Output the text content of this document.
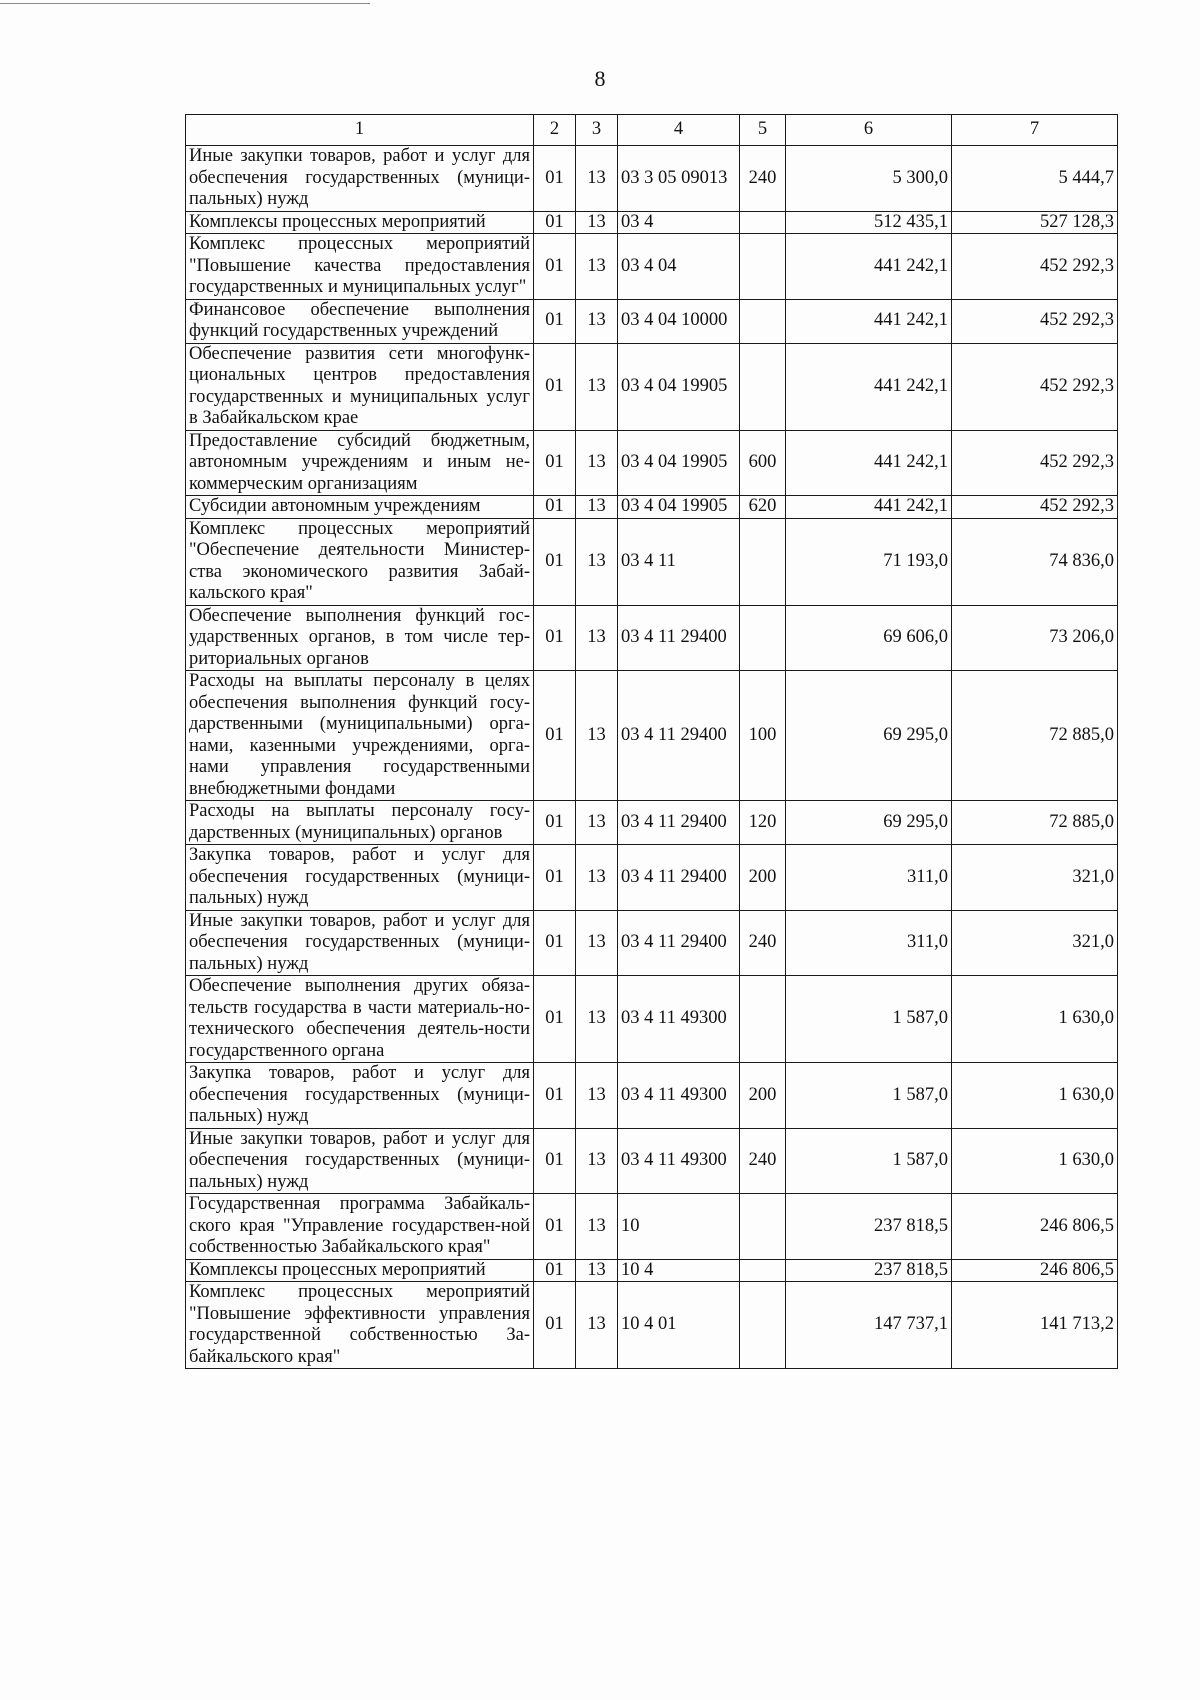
8
1	2	3	4	5	6	7
Иные закупки товаров, работ и услуг для обеспечения государственных (муници-пальных) нужд	01	13	03 3 05 09013	240	5 300,0	5 444,7
Комплексы процессных мероприятий	01	13	03 4		512 435,1	527 128,3
Комплекс процессных мероприятий "Повышение качества предоставления государственных и муниципальных услуг"	01	13	03 4 04		441 242,1	452 292,3
Финансовое обеспечение выполнения функций государственных учреждений	01	13	03 4 04 10000		441 242,1	452 292,3
Обеспечение развития сети многофунк-циональных центров предоставления государственных и муниципальных услуг в Забайкальском крае	01	13	03 4 04 19905		441 242,1	452 292,3
Предоставление субсидий бюджетным, автономным учреждениям и иным не-коммерческим организациям	01	13	03 4 04 19905	600	441 242,1	452 292,3
Субсидии автономным учреждениям	01	13	03 4 04 19905	620	441 242,1	452 292,3
Комплекс процессных мероприятий "Обеспечение деятельности Министер-ства экономического развития Забай-кальского края"	01	13	03 4 11		71 193,0	74 836,0
Обеспечение выполнения функций гос-ударственных органов, в том числе тер-риториальных органов	01	13	03 4 11 29400		69 606,0	73 206,0
Расходы на выплаты персоналу в целях обеспечения выполнения функций госу-дарственными (муниципальными) орга-нами, казенными учреждениями, орга-нами управления государственными внебюджетными фондами	01	13	03 4 11 29400	100	69 295,0	72 885,0
Расходы на выплаты персоналу госу-дарственных (муниципальных) органов	01	13	03 4 11 29400	120	69 295,0	72 885,0
Закупка товаров, работ и услуг для обеспечения государственных (муници-пальных) нужд	01	13	03 4 11 29400	200	311,0	321,0
Иные закупки товаров, работ и услуг для обеспечения государственных (муници-пальных) нужд	01	13	03 4 11 29400	240	311,0	321,0
Обеспечение выполнения других обяза-тельств государства в части материаль-но-технического обеспечения деятель-ности государственного органа	01	13	03 4 11 49300		1 587,0	1 630,0
Закупка товаров, работ и услуг для обеспечения государственных (муници-пальных) нужд	01	13	03 4 11 49300	200	1 587,0	1 630,0
Иные закупки товаров, работ и услуг для обеспечения государственных (муници-пальных) нужд	01	13	03 4 11 49300	240	1 587,0	1 630,0
Государственная программа Забайкаль-ского края "Управление государствен-ной собственностью Забайкальского края"	01	13	10		237 818,5	246 806,5
Комплексы процессных мероприятий	01	13	10 4		237 818,5	246 806,5
Комплекс процессных мероприятий "Повышение эффективности управления государственной собственностью За-байкальского края"	01	13	10 4 01		147 737,1	141 713,2
